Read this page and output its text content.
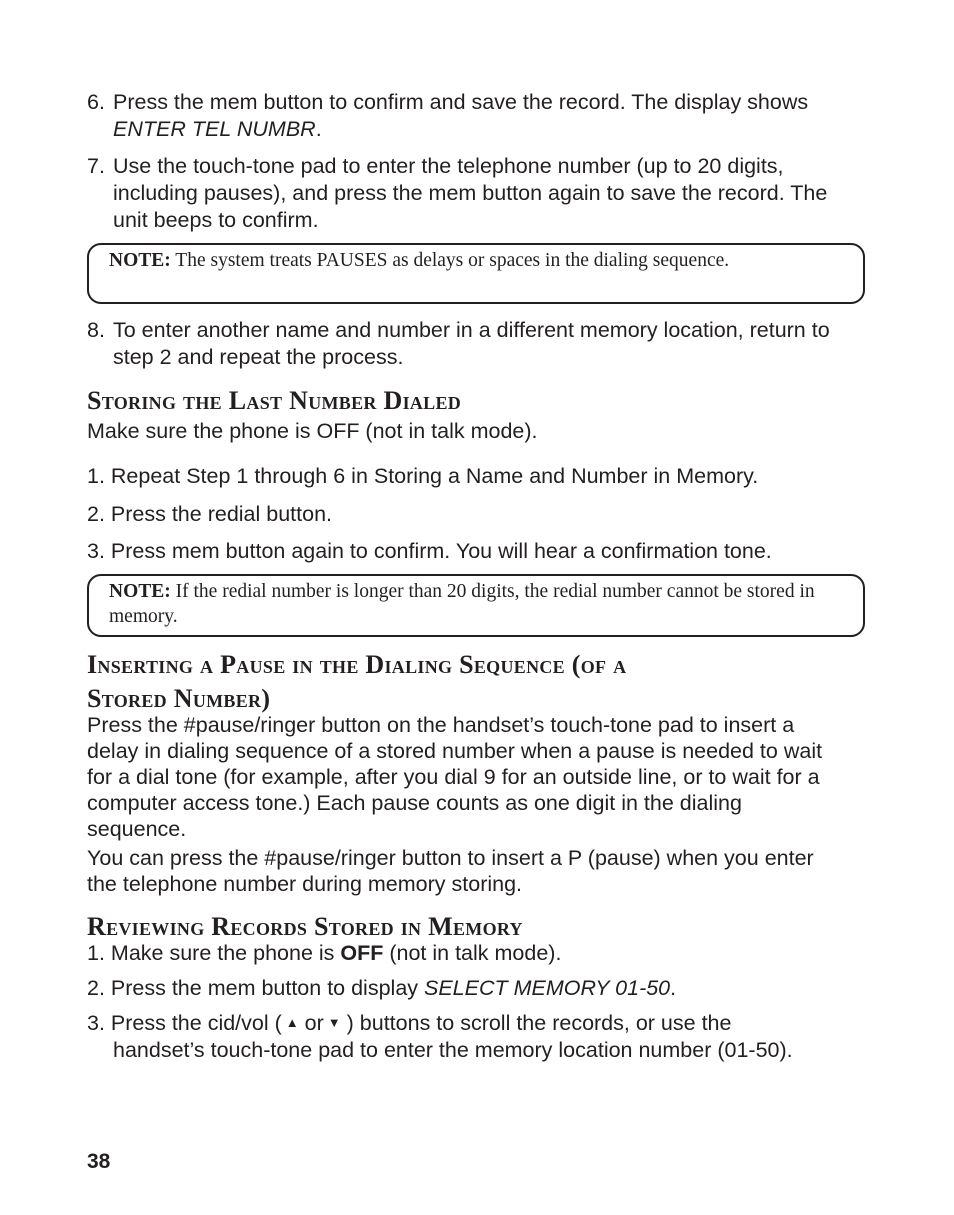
6. Press the mem button to confirm and save the record. The display shows
ENTER TEL NUMBR.
7. Use the touch-tone pad to enter the telephone number (up to 20 digits, including pauses), and press the mem button again to save the record. The unit beeps to confirm.
NOTE: The system treats PAUSES as delays or spaces in the dialing sequence.
8. To enter another name and number in a different memory location, return to step 2 and repeat the process.
Storing the Last Number Dialed
Make sure the phone is OFF (not in talk mode).
1. Repeat Step 1 through 6 in Storing a Name and Number in Memory.
2. Press the redial button.
3. Press mem button again to confirm. You will hear a confirmation tone.
NOTE: If the redial number is longer than 20 digits, the redial number cannot be stored in memory.
Inserting a Pause in the Dialing Sequence (of a
Stored Number)
Press the #pause/ringer button on the handset’s touch-tone pad to insert a delay in dialing sequence of a stored number when a pause is needed to wait for a dial tone (for example, after you dial 9 for an outside line, or to wait for a computer access tone.) Each pause counts as one digit in the dialing sequence.
You can press the #pause/ringer button to insert a P (pause) when you enter the telephone number during memory storing.
Reviewing Records Stored in Memory
1. Make sure the phone is OFF (not in talk mode).
2. Press the mem button to display SELECT MEMORY 01-50.
3. Press the cid/vol ( ▲ or ▼ ) buttons to scroll the records, or use the
handset’s touch-tone pad to enter the memory location number (01-50).
38
